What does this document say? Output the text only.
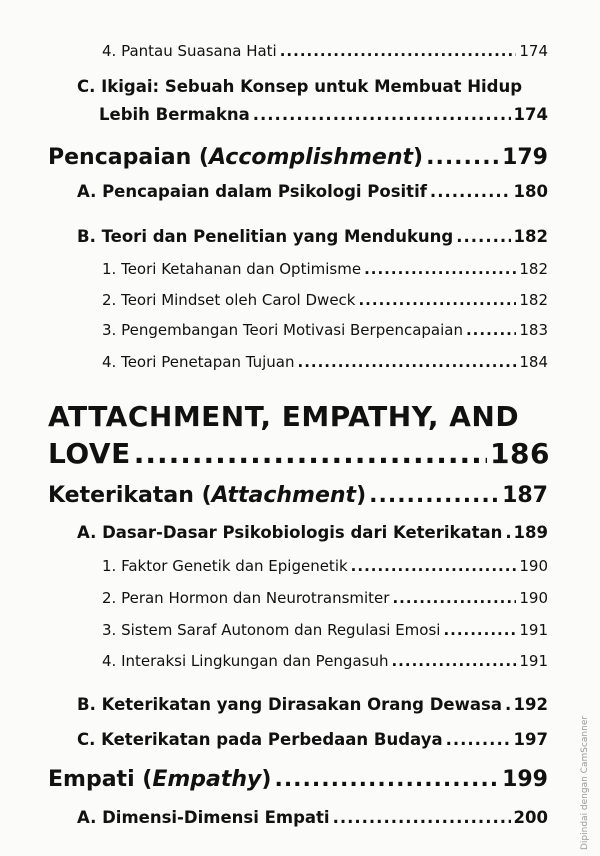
4. Pantau Suasana Hati .....	174
C. Ikigai: Sebuah Konsep untuk Membuat Hidup
Lebih Bermakna .....	174
Pencapaian (Accomplishment) .....	179
A. Pencapaian dalam Psikologi Positif .....	180
B. Teori dan Penelitian yang Mendukung .....	182
1. Teori Ketahanan dan Optimisme .....	182
2. Teori Mindset oleh Carol Dweck .....	182
3. Pengembangan Teori Motivasi Berpencapaian .....	183
4. Teori Penetapan Tujuan .....	184
ATTACHMENT, EMPATHY, AND
LOVE .....	186
Keterikatan (Attachment) .....	187
A. Dasar-Dasar Psikobiologis dari Keterikatan ..... 189
1. Faktor Genetik dan Epigenetik .....	190
2. Peran Hormon dan Neurotransmiter .....	190
3. Sistem Saraf Autonom dan Regulasi Emosi .....	191
4. Interaksi Lingkungan dan Pengasuh .....	191
B. Keterikatan yang Dirasakan Orang Dewasa ..... 192
C. Keterikatan pada Perbedaan Budaya .....	197
Empati (Empathy) .....	199
A. Dimensi-Dimensi Empati .....	200	Dipindai dengan CamScanner
